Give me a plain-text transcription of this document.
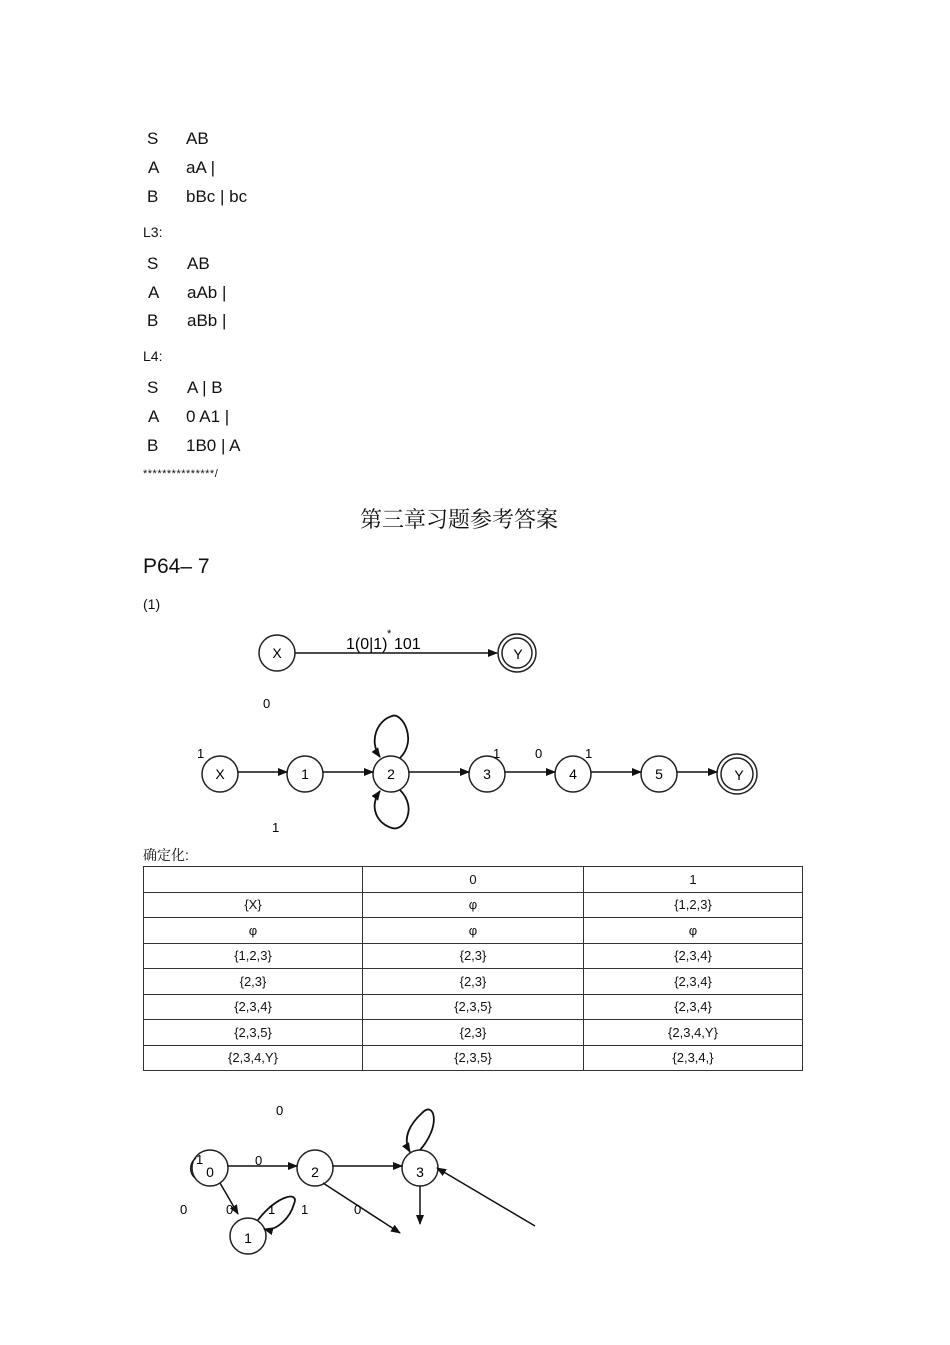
S AB
A aA |
B bBc | bc
L3:
S AB
A aAb |
B aBb |
L4:
S A | B
A 0 A1 |
B 1B0 | A
***************/
第三章习题参考答案
P64– 7
(1)
X	Y
1(0|1)
*
101
X	1	2	3	4	5	Y
0
1
1	1	0	1
0	2	3
1
0
1	0
0	0	1 1	0
确定化:
	0	1
{X}	φ	{1,2,3}
φ	φ	φ
{1,2,3}	{2,3}	{2,3,4}
{2,3}	{2,3}	{2,3,4}
{2,3,4}	{2,3,5}	{2,3,4}
{2,3,5}	{2,3}	{2,3,4,Y}
{2,3,4,Y}	{2,3,5}	{2,3,4,}
